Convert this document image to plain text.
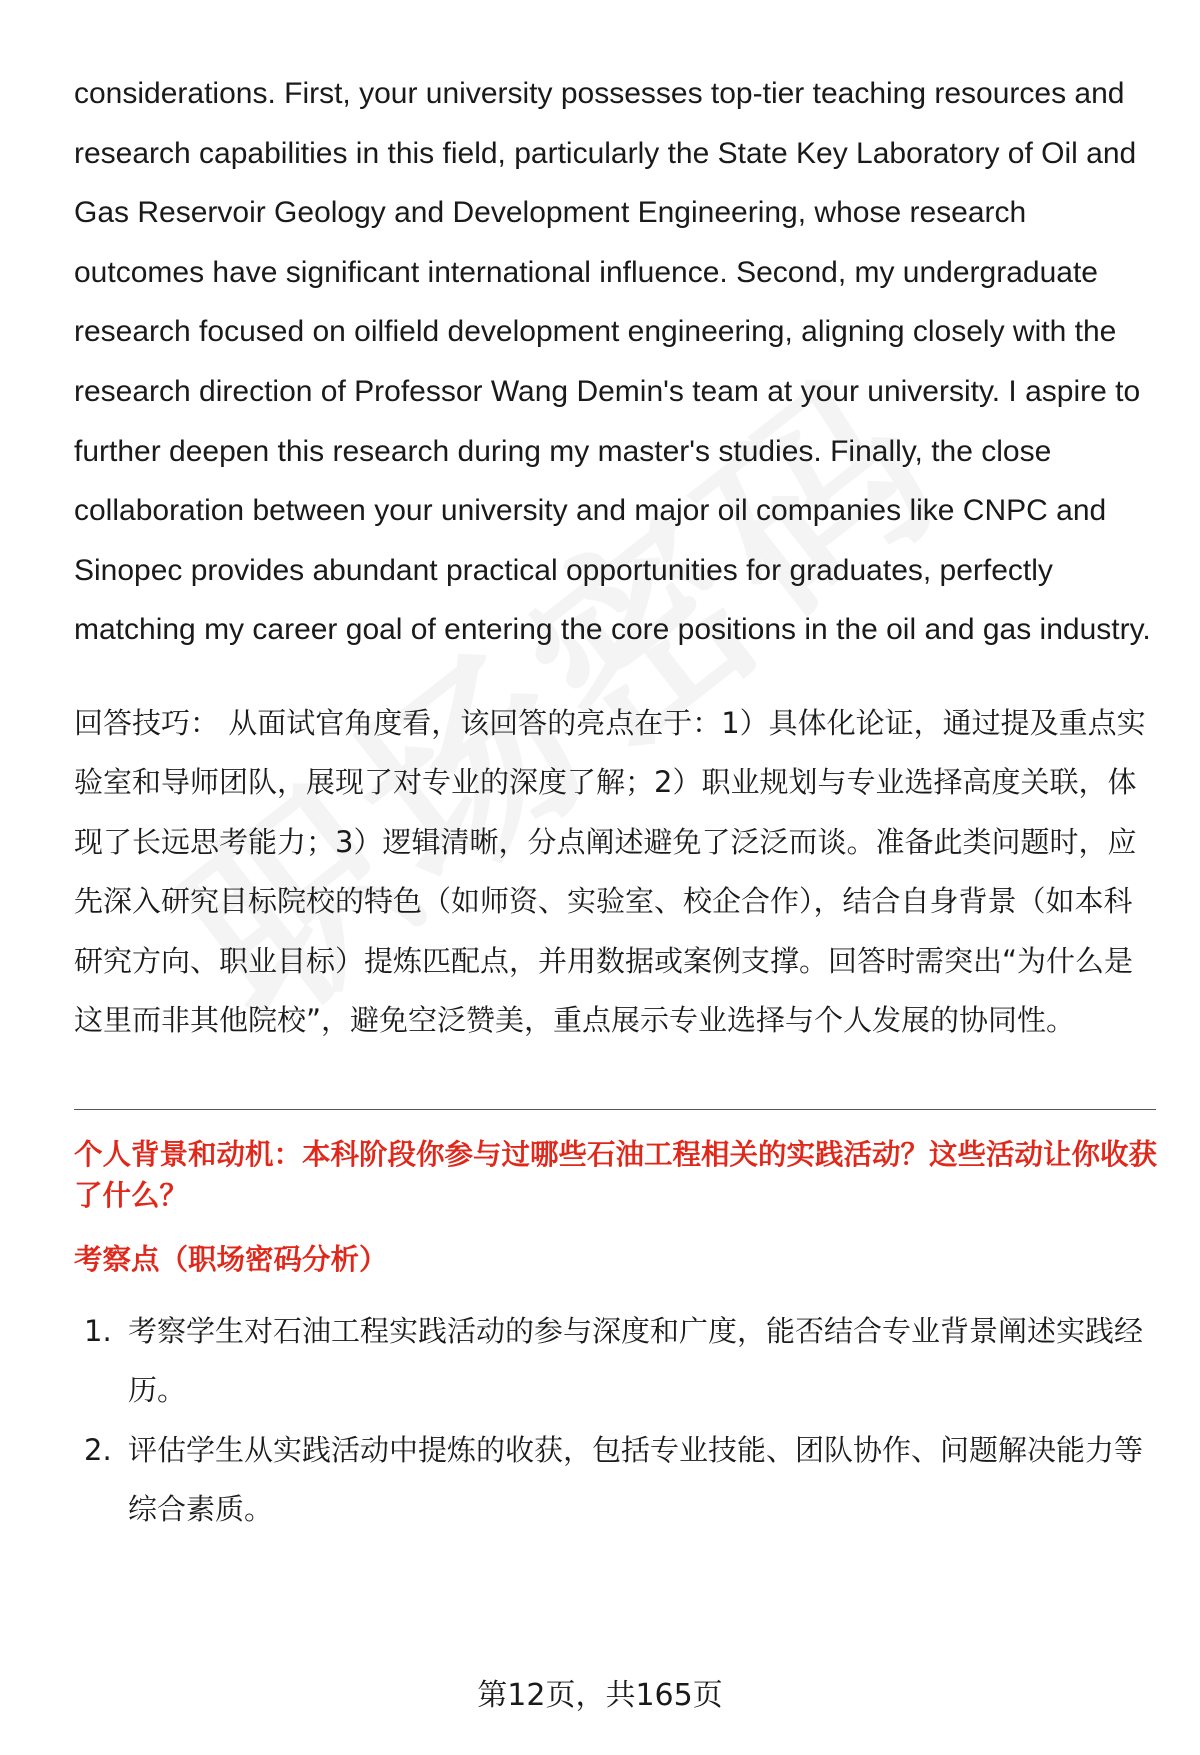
considerations. First, your university possesses top-tier teaching resources and research capabilities in this field, particularly the State Key Laboratory of Oil and Gas Reservoir Geology and Development Engineering, whose research outcomes have significant international influence. Second, my undergraduate research focused on oilfield development engineering, aligning closely with the research direction of Professor Wang Demin's team at your university. I aspire to further deepen this research during my master's studies. Finally, the close collaboration between your university and major oil companies like CNPC and Sinopec provides abundant practical opportunities for graduates, perfectly matching my career goal of entering the core positions in the oil and gas industry.

回答技巧： 从面试官角度看，该回答的亮点在于：1）具体化论证，通过提及重点实验室和导师团队，展现了对专业的深度了解；2）职业规划与专业选择高度关联，体现了长远思考能力；3）逻辑清晰，分点阐述避免了泛泛而谈。准备此类问题时，应先深入研究目标院校的特色（如师资、实验室、校企合作），结合自身背景（如本科研究方向、职业目标）提炼匹配点，并用数据或案例支撑。回答时需突出“为什么是这里而非其他院校”，避免空泛赞美，重点展示专业选择与个人发展的协同性。

个人背景和动机：本科阶段你参与过哪些石油工程相关的实践活动？这些活动让你收获了什么？

考察点（职场密码分析）

1. 考察学生对石油工程实践活动的参与深度和广度，能否结合专业背景阐述实践经历。
2. 评估学生从实践活动中提炼的收获，包括专业技能、团队协作、问题解决能力等综合素质。
第12页，共165页
